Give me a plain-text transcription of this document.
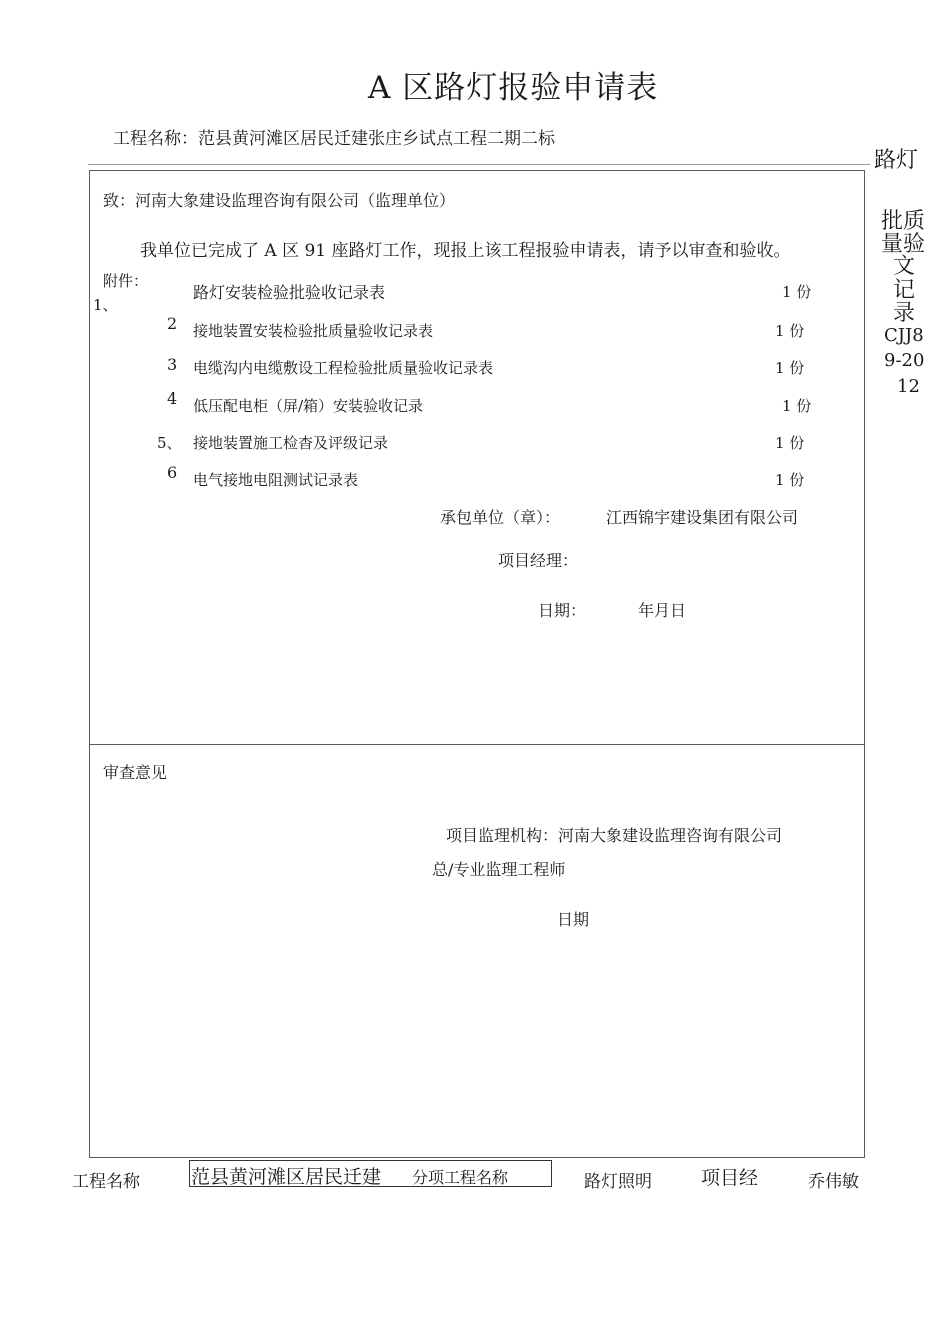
A 区路灯报验申请表
工程名称：范县黄河滩区居民迁建张庄乡试点工程二期二标
致：河南大象建设监理咨询有限公司（监理单位）
我单位已完成了 A 区 91 座路灯工作，现报上该工程报验申请表，请予以审查和验收。
附件：
1、
路灯安装检验批验收记录表	1 份
2 接地装置安装检验批质量验收记录表	1 份
3 电缆沟内电缆敷设工程检验批质量验收记录表	1 份
4 低压配电柜（屏/箱）安装验收记录	1 份
5、 接地装置施工检杳及评级记录	1 份
6 电气接地电阻测试记录表	1 份
承包单位（章）：	江西锦宇建设集团有限公司
项目经理：
日期：	年月日
审查意见
项目监理机构：河南大象建设监理咨询有限公司
总/专业监理工程师
日期
路灯
批质
量验
文
记
录
CJJ8
9-20
12
工程名称	范县黄河滩区居民迁建 分项工程名称	路灯照明	项目经	乔伟敏
